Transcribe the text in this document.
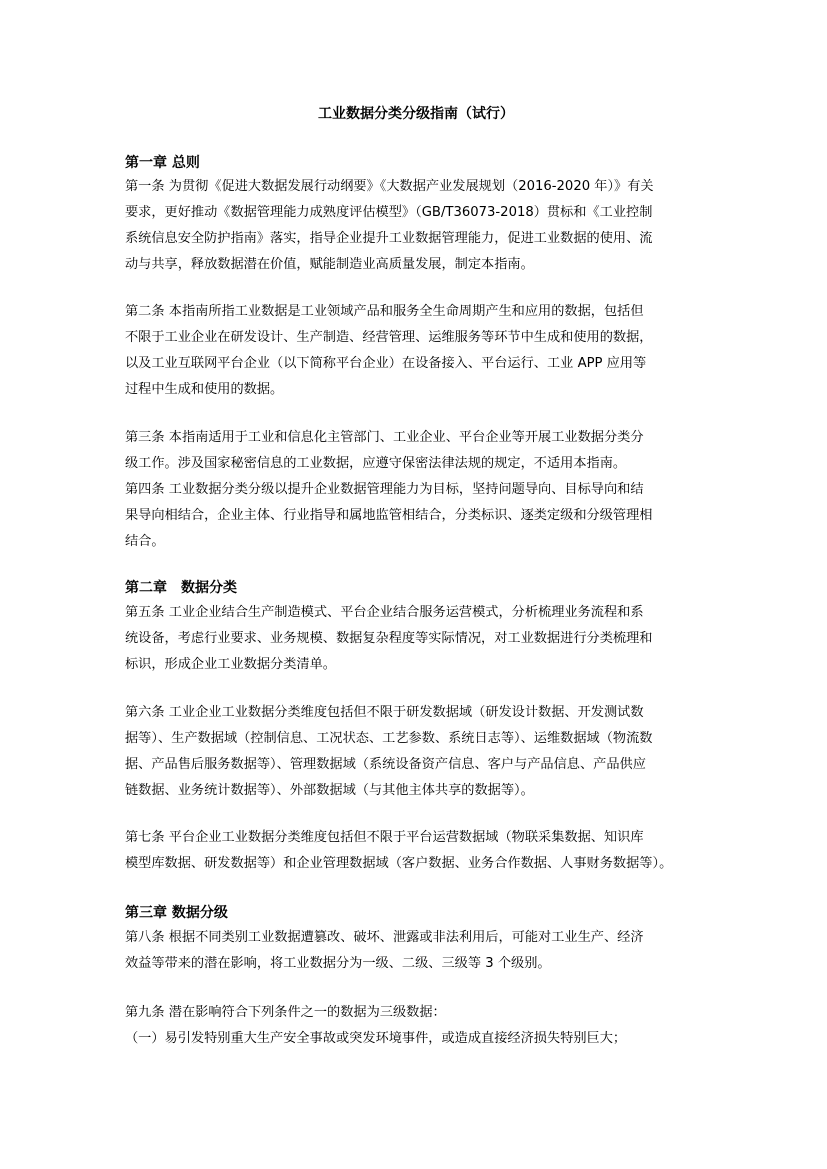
工业数据分类分级指南（试行）
第一章 总则
第一条 为贯彻《促进大数据发展行动纲要》《大数据产业发展规划（2016-2020 年）》有关
要求，更好推动《数据管理能力成熟度评估模型》（GB/T36073-2018）贯标和《工业控制
系统信息安全防护指南》落实，指导企业提升工业数据管理能力，促进工业数据的使用、流
动与共享，释放数据潜在价值，赋能制造业高质量发展，制定本指南。
第二条 本指南所指工业数据是工业领域产品和服务全生命周期产生和应用的数据，包括但
不限于工业企业在研发设计、生产制造、经营管理、运维服务等环节中生成和使用的数据，
以及工业互联网平台企业（以下简称平台企业）在设备接入、平台运行、工业 APP 应用等
过程中生成和使用的数据。
第三条 本指南适用于工业和信息化主管部门、工业企业、平台企业等开展工业数据分类分
级工作。涉及国家秘密信息的工业数据，应遵守保密法律法规的规定，不适用本指南。
第四条 工业数据分类分级以提升企业数据管理能力为目标，坚持问题导向、目标导向和结
果导向相结合，企业主体、行业指导和属地监管相结合，分类标识、逐类定级和分级管理相
结合。
第二章　数据分类
第五条 工业企业结合生产制造模式、平台企业结合服务运营模式，分析梳理业务流程和系
统设备，考虑行业要求、业务规模、数据复杂程度等实际情况，对工业数据进行分类梳理和
标识，形成企业工业数据分类清单。
第六条 工业企业工业数据分类维度包括但不限于研发数据域（研发设计数据、开发测试数
据等）、生产数据域（控制信息、工况状态、工艺参数、系统日志等）、运维数据域（物流数
据、产品售后服务数据等）、管理数据域（系统设备资产信息、客户与产品信息、产品供应
链数据、业务统计数据等）、外部数据域（与其他主体共享的数据等）。
第七条 平台企业工业数据分类维度包括但不限于平台运营数据域（物联采集数据、知识库
模型库数据、研发数据等）和企业管理数据域（客户数据、业务合作数据、人事财务数据等）。
第三章 数据分级
第八条 根据不同类别工业数据遭篡改、破坏、泄露或非法利用后，可能对工业生产、经济
效益等带来的潜在影响，将工业数据分为一级、二级、三级等 3 个级别。
第九条 潜在影响符合下列条件之一的数据为三级数据：
（一）易引发特别重大生产安全事故或突发环境事件，或造成直接经济损失特别巨大；
